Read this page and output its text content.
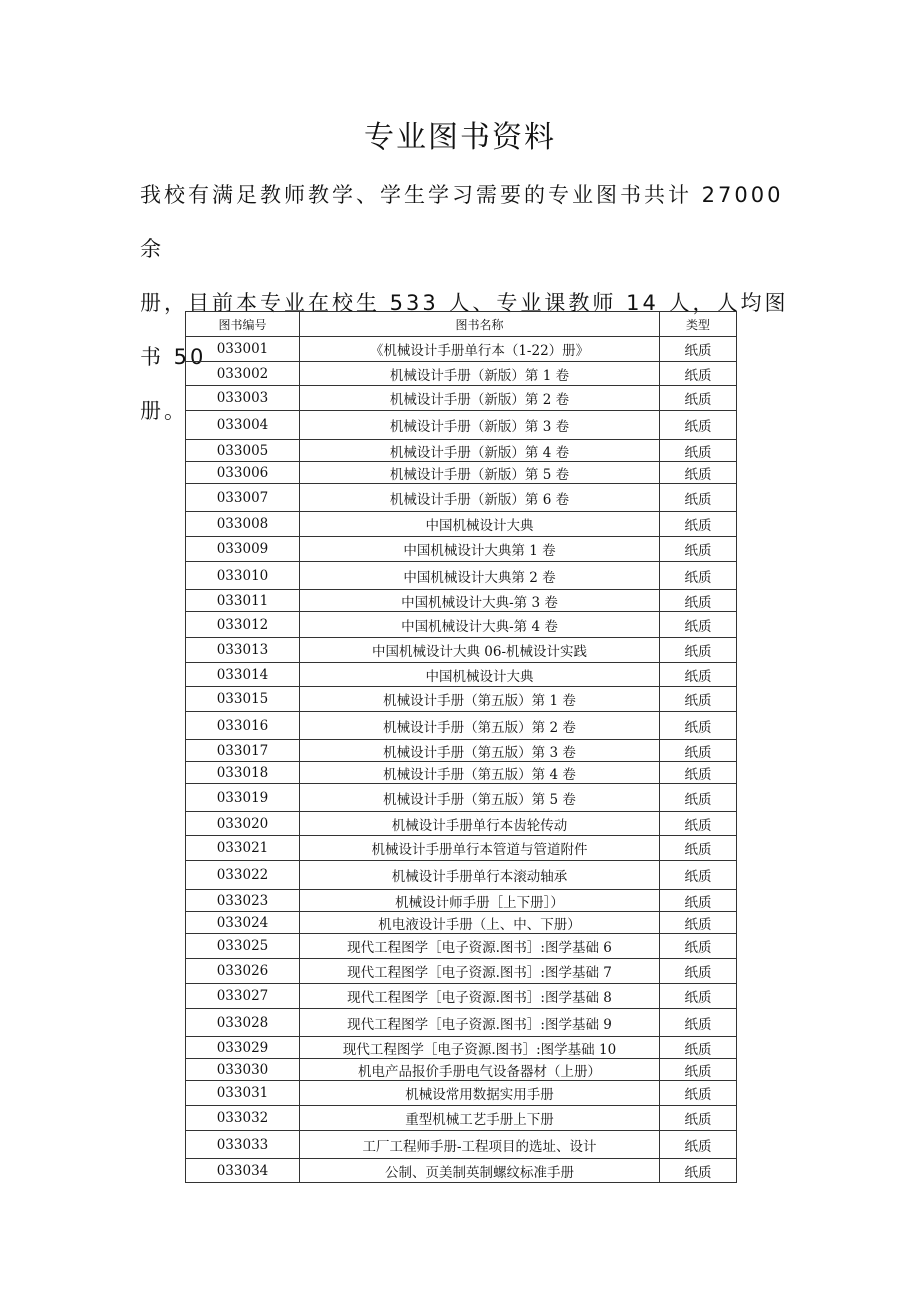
专业图书资料

我校有满足教师教学、学生学习需要的专业图书共计 27000 余

册，目前本专业在校生 533 人、专业课教师 14 人，人均图书 50

册。

图书编号	图书名称	类型
033001	《机械设计手册单行本（1-22）册》	纸质
033002	机械设计手册（新版）第 1 卷	纸质
033003	机械设计手册（新版）第 2 卷	纸质
033004	机械设计手册（新版）第 3 卷	纸质
033005	机械设计手册（新版）第 4 卷	纸质
033006	机械设计手册（新版）第 5 卷	纸质
033007	机械设计手册（新版）第 6 卷	纸质
033008	中国机械设计大典	纸质
033009	中国机械设计大典第 1 卷	纸质
033010	中国机械设计大典第 2 卷	纸质
033011	中国机械设计大典-第 3 卷	纸质
033012	中国机械设计大典-第 4 卷	纸质
033013	中国机械设计大典 06-机械设计实践	纸质
033014	中国机械设计大典	纸质
033015	机械设计手册（第五版）第 1 卷	纸质
033016	机械设计手册（第五版）第 2 卷	纸质
033017	机械设计手册（第五版）第 3 卷	纸质
033018	机械设计手册（第五版）第 4 卷	纸质
033019	机械设计手册（第五版）第 5 卷	纸质
033020	机械设计手册单行本齿轮传动	纸质
033021	机械设计手册单行本管道与管道附件	纸质
033022	机械设计手册单行本滚动轴承	纸质
033023	机械设计师手册［上下册］）	纸质
033024	机电液设计手册（上、中、下册）	纸质
033025	现代工程图学［电子资源.图书］:图学基础 6	纸质
033026	现代工程图学［电子资源.图书］:图学基础 7	纸质
033027	现代工程图学［电子资源.图书］:图学基础 8	纸质
033028	现代工程图学［电子资源.图书］:图学基础 9	纸质
033029	现代工程图学［电子资源.图书］:图学基础 10	纸质
033030	机电产品报价手册电气设备器材（上册）	纸质
033031	机械设常用数据实用手册	纸质
033032	重型机械工艺手册上下册	纸质
033033	工厂工程师手册-工程项目的选址、设计	纸质
033034	公制、页美制英制螺纹标准手册	纸质
